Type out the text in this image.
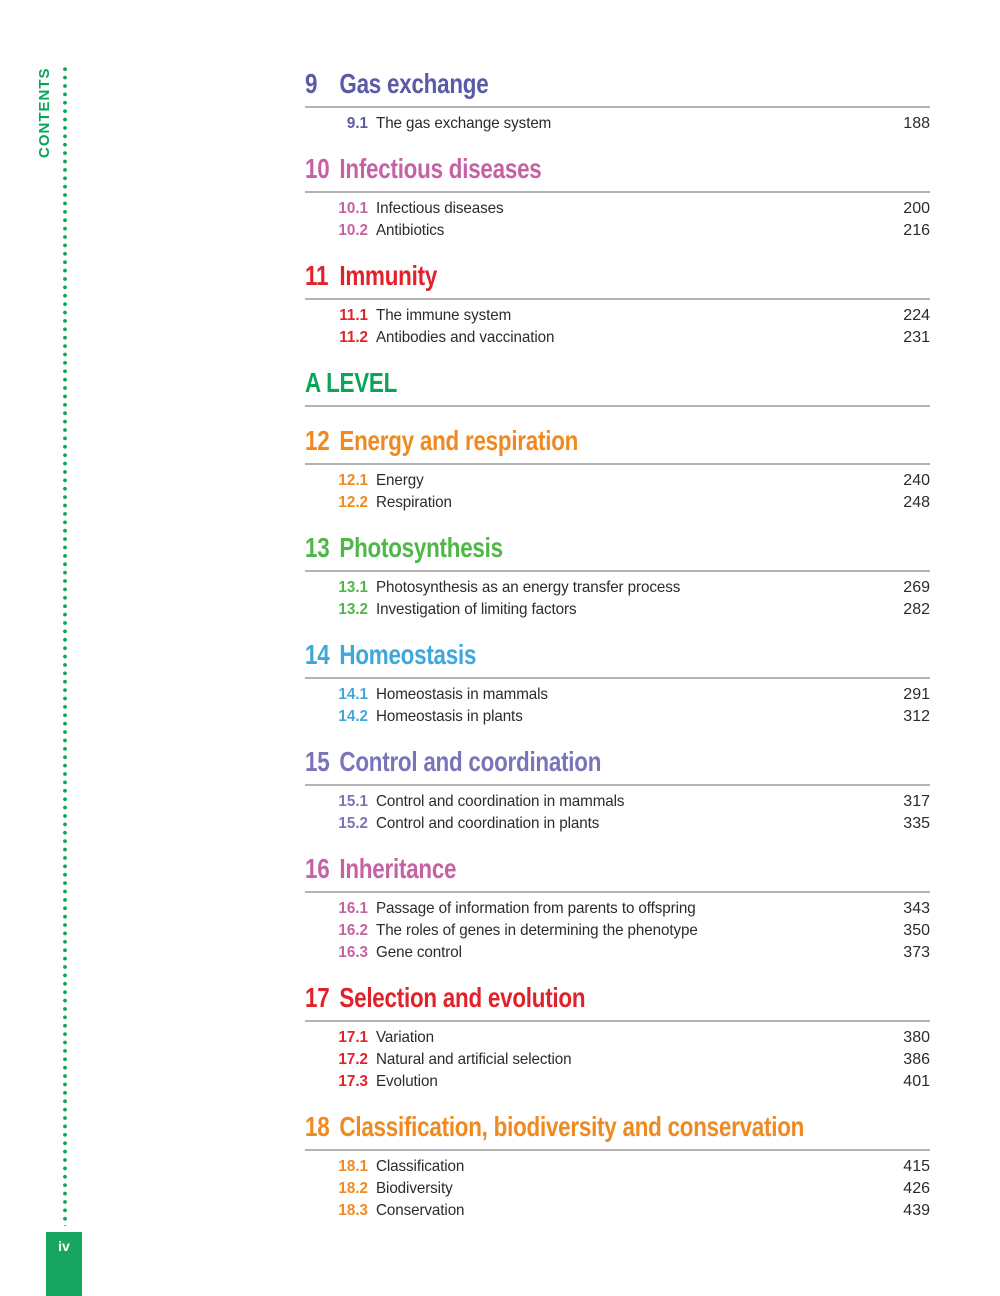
CONTENTS
iv
9 Gas exchange
9.1 The gas exchange system	188
10 Infectious diseases
10.1 Infectious diseases	200
10.2 Antibiotics	216
11 Immunity
11.1 The immune system	224
11.2 Antibodies and vaccination	231
A LEVEL
12 Energy and respiration
12.1 Energy	240
12.2 Respiration	248
13 Photosynthesis
13.1 Photosynthesis as an energy transfer process	269
13.2 Investigation of limiting factors	282
14 Homeostasis
14.1 Homeostasis in mammals	291
14.2 Homeostasis in plants	312
15 Control and coordination
15.1 Control and coordination in mammals	317
15.2 Control and coordination in plants	335
16 Inheritance
16.1 Passage of information from parents to offspring	343
16.2 The roles of genes in determining the phenotype	350
16.3 Gene control	373
17 Selection and evolution
17.1 Variation	380
17.2 Natural and artificial selection	386
17.3 Evolution	401
18 Classification, biodiversity and conservation
18.1 Classification	415
18.2 Biodiversity	426
18.3 Conservation	439
